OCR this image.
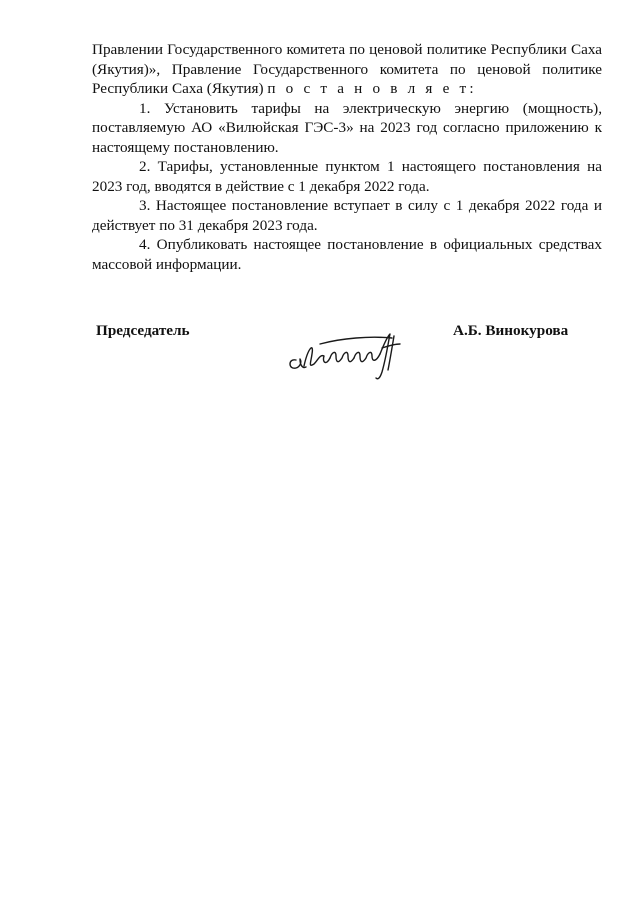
Правлении Государственного комитета по ценовой политике Республики Саха (Якутия)», Правление Государственного комитета по ценовой политике Республики Саха (Якутия) п о с т а н о в л я е т:

1. Установить тарифы на электрическую энергию (мощность), поставляемую АО «Вилюйская ГЭС-3» на 2023 год согласно приложению к настоящему постановлению.

2. Тарифы, установленные пунктом 1 настоящего постановления на 2023 год, вводятся в действие с 1 декабря 2022 года.

3. Настоящее постановление вступает в силу с 1 декабря 2022 года и действует по 31 декабря 2023 года.

4. Опубликовать настоящее постановление в официальных средствах массовой информации.

Председатель	А.Б. Винокурова
